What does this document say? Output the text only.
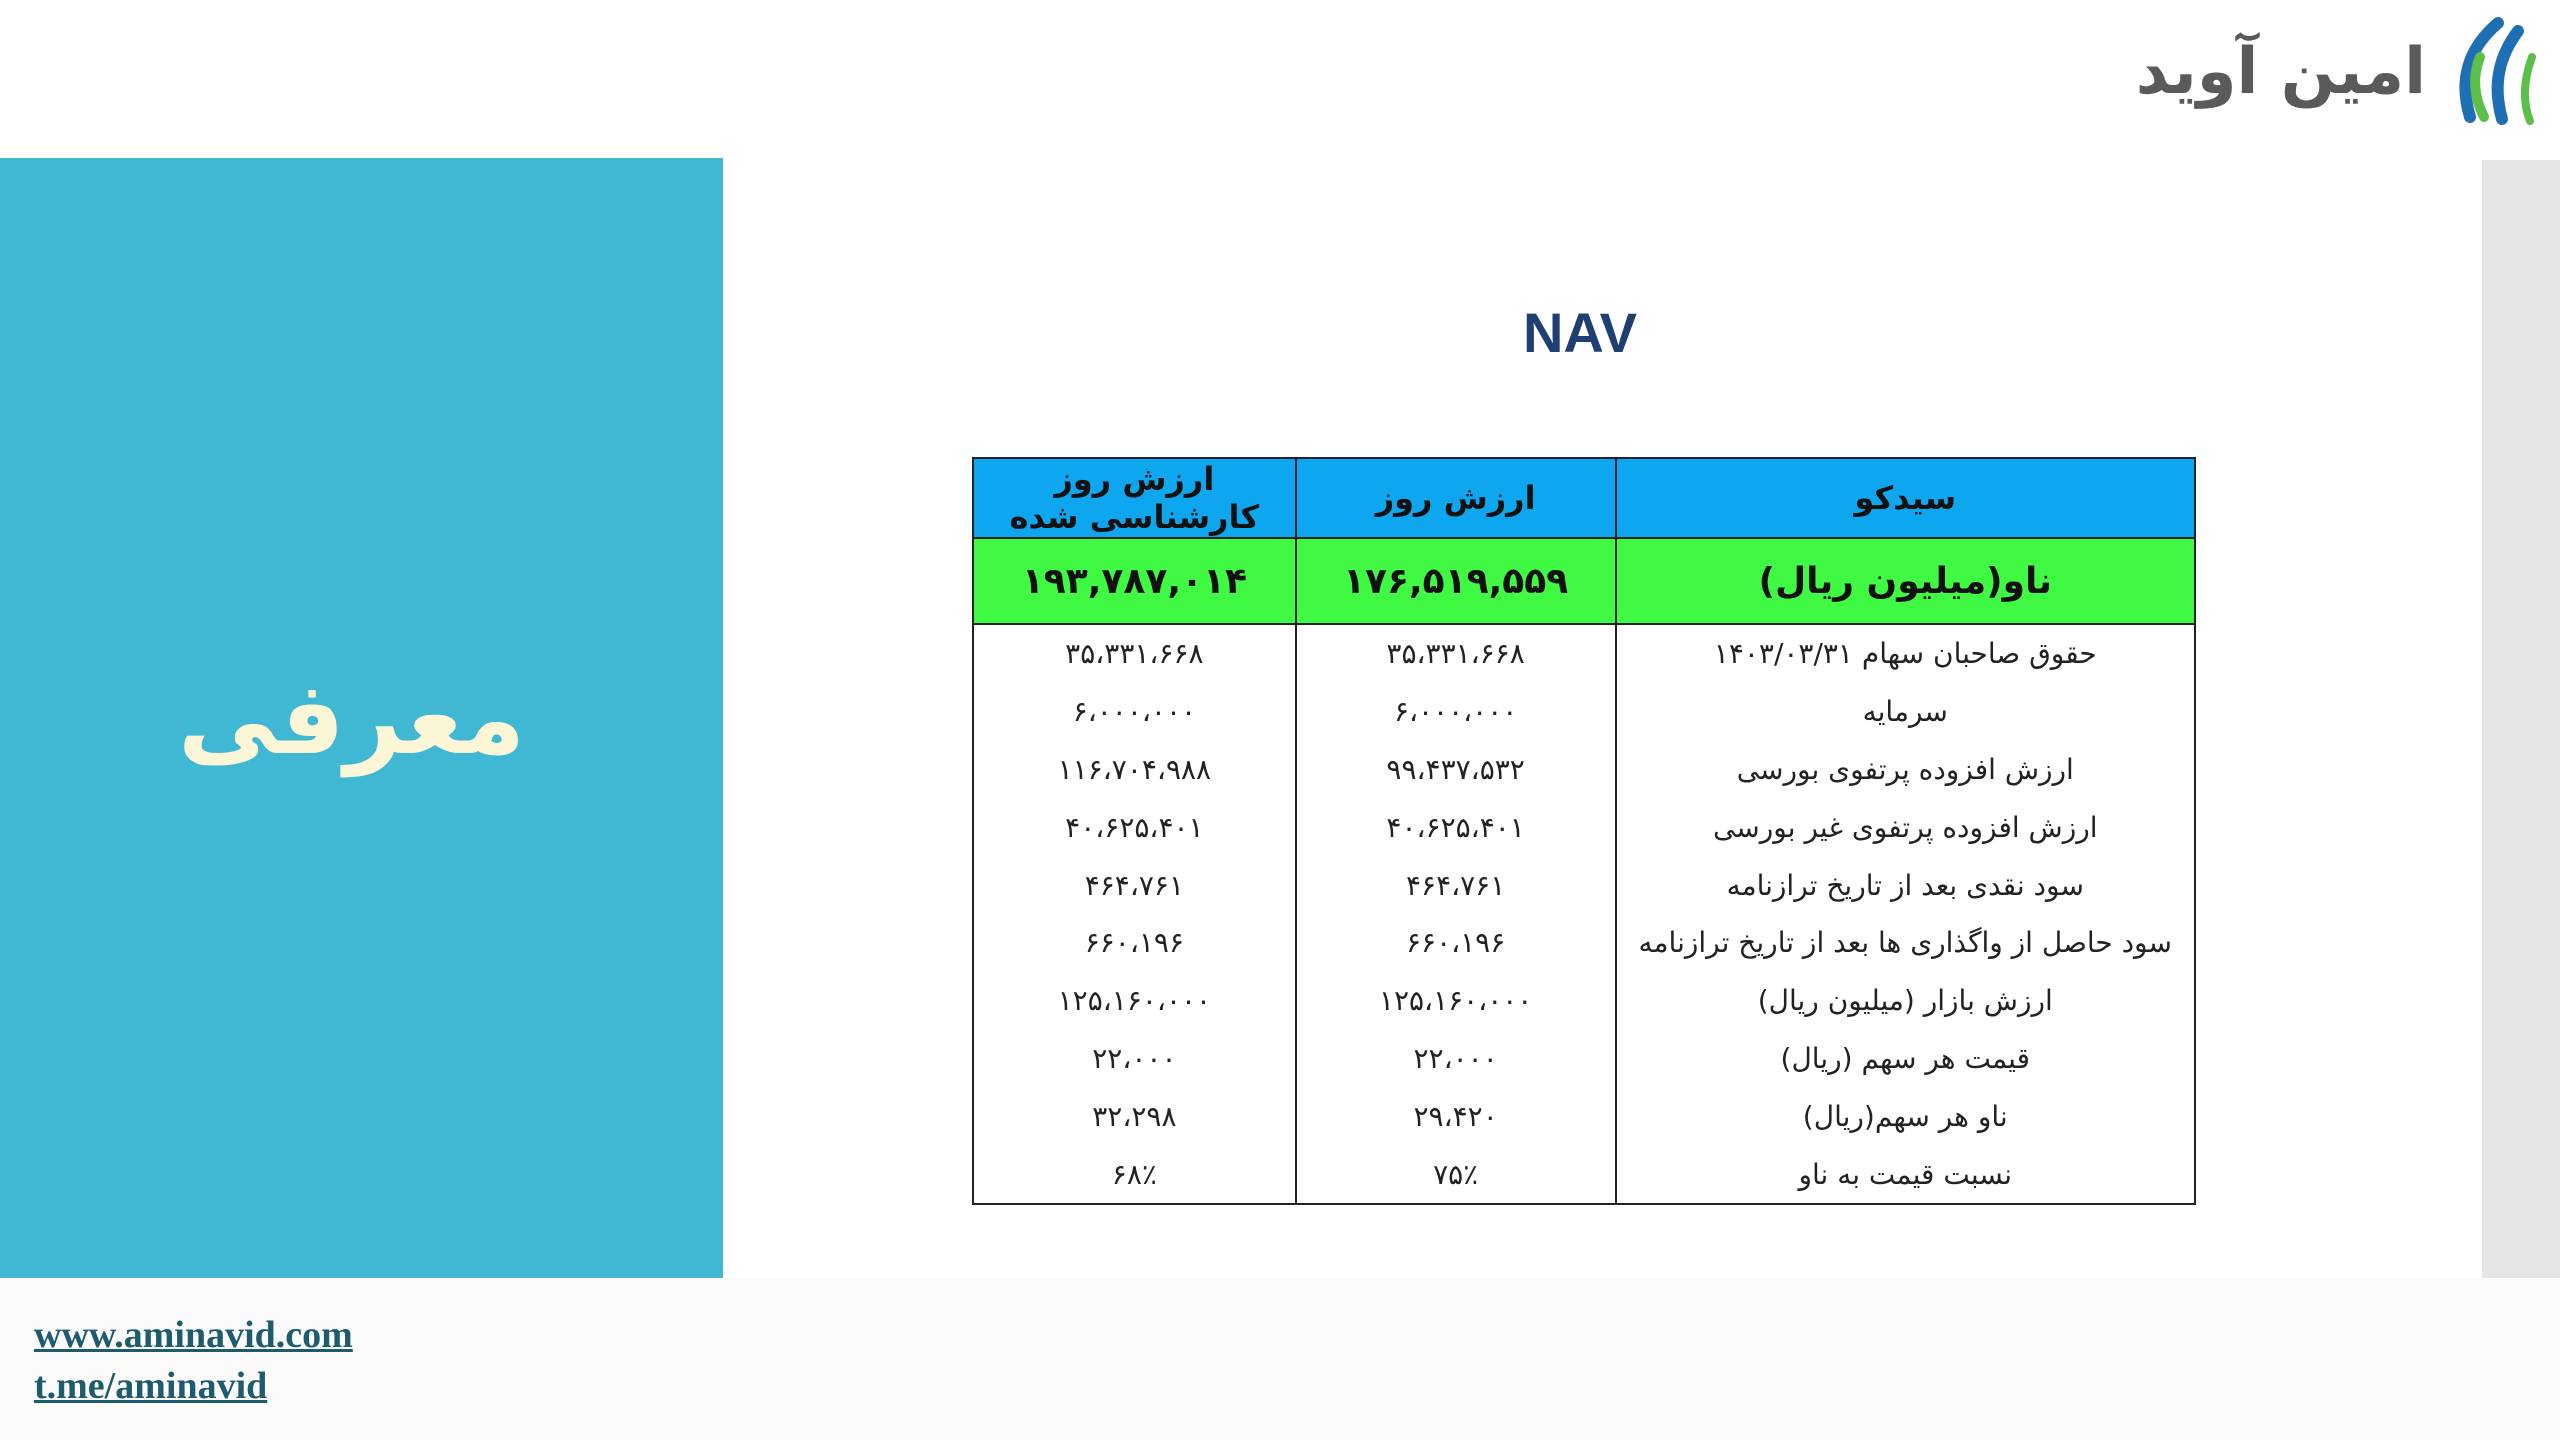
امین آوید
معرفی
NAV
سیدکو	ارزش روز	ارزش روز کارشناسی شده
ناو(میلیون ریال)	۱۷۶,۵۱۹,۵۵۹	۱۹۳,۷۸۷,۰۱۴
حقوق صاحبان سهام ۱۴۰۳/۰۳/۳۱	۳۵،۳۳۱،۶۶۸	۳۵،۳۳۱،۶۶۸
سرمایه	۶،۰۰۰،۰۰۰	۶،۰۰۰،۰۰۰
ارزش افزوده پرتفوی بورسی	۹۹،۴۳۷،۵۳۲	۱۱۶،۷۰۴،۹۸۸
ارزش افزوده پرتفوی غیر بورسی	۴۰،۶۲۵،۴۰۱	۴۰،۶۲۵،۴۰۱
سود نقدی بعد از تاریخ ترازنامه	۴۶۴،۷۶۱	۴۶۴،۷۶۱
سود حاصل از واگذاری ها بعد از تاریخ ترازنامه	۶۶۰،۱۹۶	۶۶۰،۱۹۶
ارزش بازار (میلیون ریال)	۱۲۵،۱۶۰،۰۰۰	۱۲۵،۱۶۰،۰۰۰
قیمت هر سهم (ریال)	۲۲،۰۰۰	۲۲،۰۰۰
ناو هر سهم(ریال)	۲۹،۴۲۰	۳۲،۲۹۸
نسبت قیمت به ناو	۷۵٪	۶۸٪
www.aminavid.com
t.me/aminavid
